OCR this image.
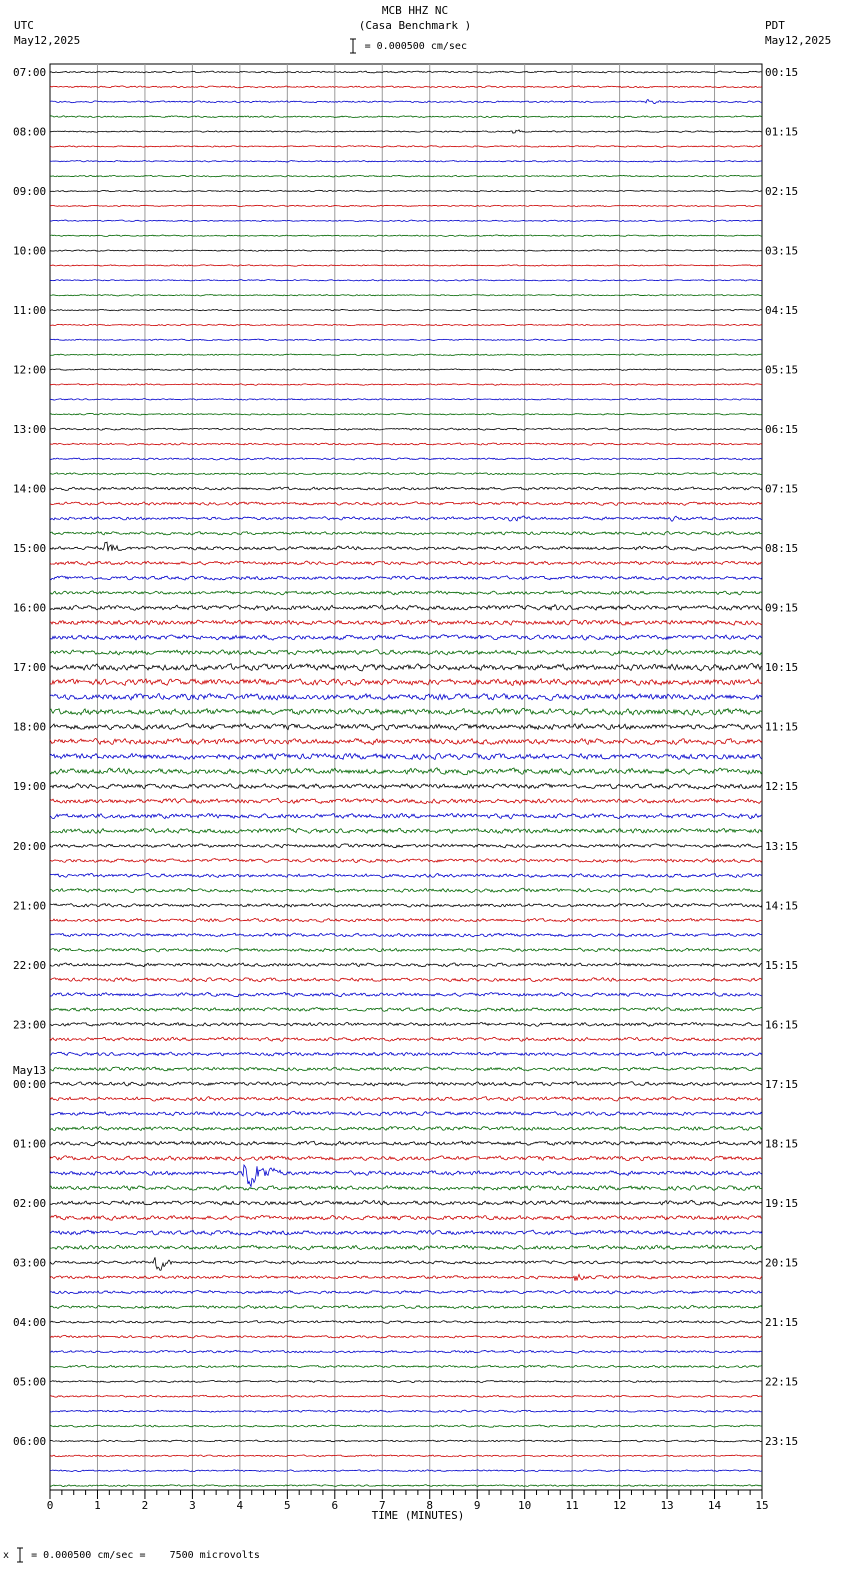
UTC
May12,2025
MCB HHZ NC
(Casa Benchmark )
= 0.000500 cm/sec
PDT
May12,2025
07:00
08:00
09:00
10:00
11:00
12:00
13:00
14:00
15:00
16:00
17:00
18:00
19:00
20:00
21:00
22:00
23:00
00:00
May13
01:00
02:00
03:00
04:00
05:00
06:00
00:15
01:15
02:15
03:15
04:15
05:15
06:15
07:15
08:15
09:15
10:15
11:15
12:15
13:15
14:15
15:15
16:15
17:15
18:15
19:15
20:15
21:15
22:15
23:15
0	1	2	3	4	5	6	7	8	9	10	11	12	13	14	15
TIME (MINUTES)
x = 0.000500 cm/sec =    7500 microvolts
